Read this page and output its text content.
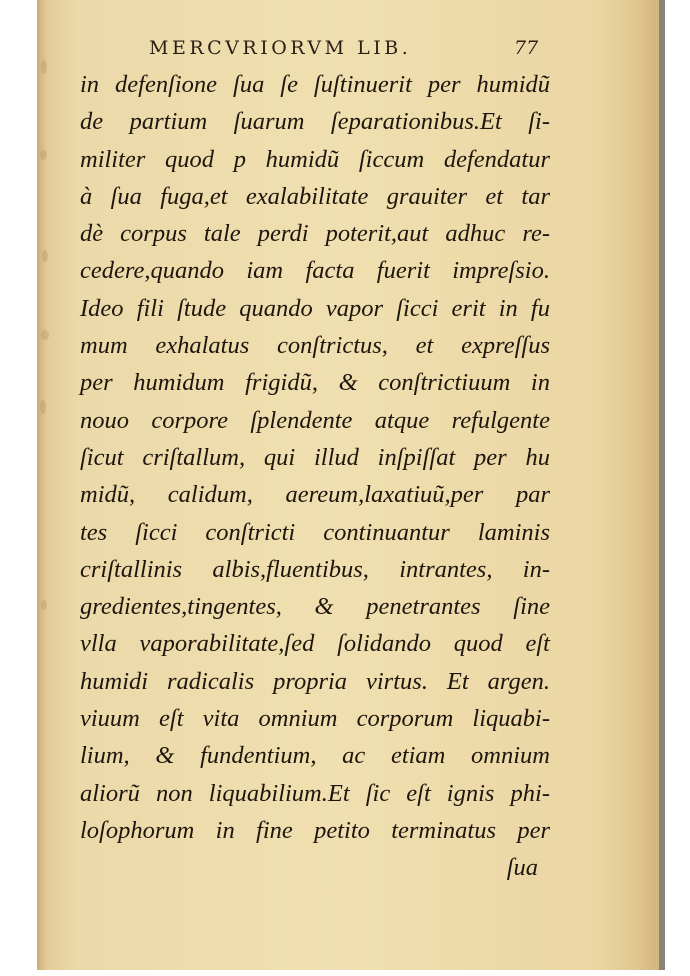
MERCVRIORVM LIB.	77
in defenſione ſua ſe ſuſtinuerit per humidũ
de partium ſuarum ſeparationibus.Et ſi-
militer quod p humidũ ſiccum defendatur
à ſua fuga,et exalabilitate grauiter et tar
dè corpus tale perdi poterit,aut adhuc re-
cedere,quando iam facta fuerit impreſsio.
Ideo fili ſtude quando vapor ſicci erit in fu
mum exhalatus conſtrictus, et expreſſus
per humidum frigidũ, & conſtrictiuum in
nouo corpore ſplendente atque refulgente
ſicut criſtallum, qui illud inſpiſſat per hu
midũ, calidum, aereum,laxatiuũ,per par
tes ſicci conſtricti continuantur laminis
criſtallinis albis,fluentibus, intrantes, in-
gredientes,tingentes, & penetrantes ſine
vlla vaporabilitate,ſed ſolidando quod eſt
humidi radicalis propria virtus. Et argen.
viuum eſt vita omnium corporum liquabi-
lium, & fundentium, ac etiam omnium
aliorũ non liquabilium.Et ſic eſt ignis phi-
loſophorum in fine petito terminatus per
ſua
